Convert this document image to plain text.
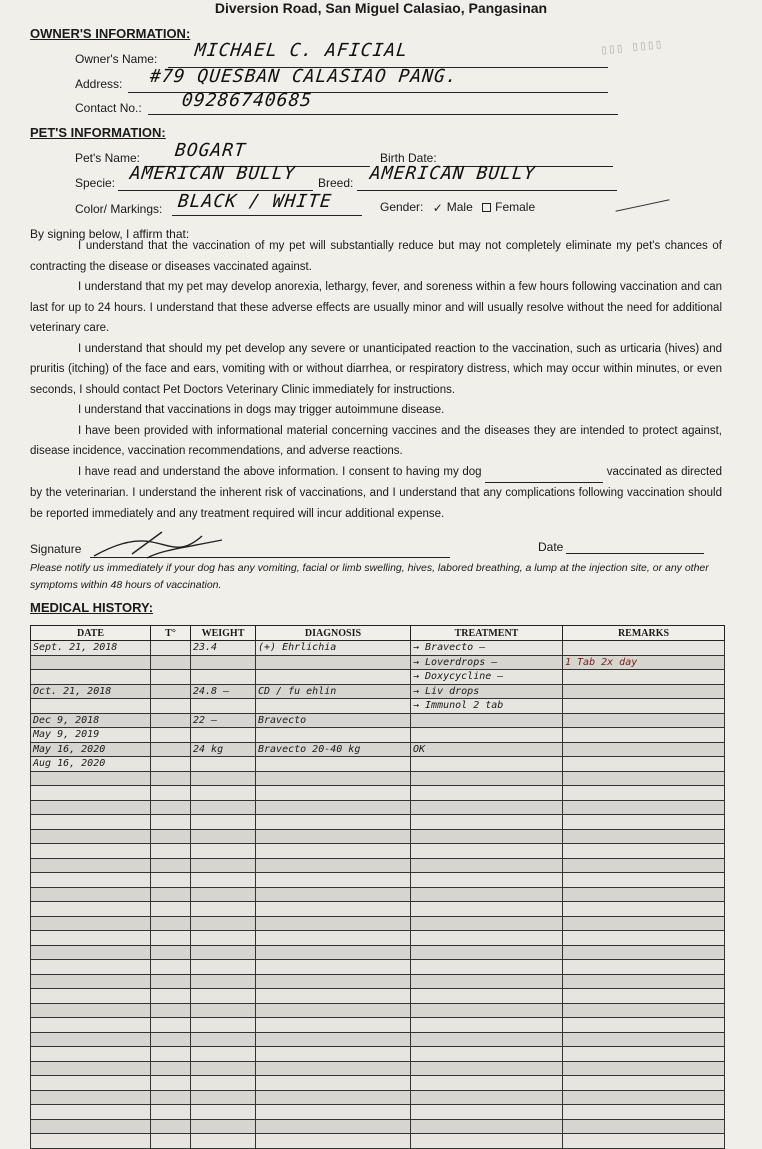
Diversion Road, San Miguel Calasiao, Pangasinan
▯▯▯ ▯▯▯▯
OWNER'S INFORMATION:
Owner's Name: MICHAEL C. AFICIAL
Address: #79 QUESBAN CALASIAO PANG.
Contact No.: 09286740685
PET'S INFORMATION:
Pet's Name: BOGART	Birth Date:
Specie: AMERICAN BULLY Breed: AMERICAN BULLY
Color/ Markings: BLACK / WHITE	Gender: ✓ Male Female
By signing below, I affirm that:

I understand that the vaccination of my pet will substantially reduce but may not completely eliminate my pet's chances of contracting the disease or diseases vaccinated against.

I understand that my pet may develop anorexia, lethargy, fever, and soreness within a few hours following vaccination and can last for up to 24 hours. I understand that these adverse effects are usually minor and will usually resolve without the need for additional veterinary care.

I understand that should my pet develop any severe or unanticipated reaction to the vaccination, such as urticaria (hives) and pruritis (itching) of the face and ears, vomiting with or without diarrhea, or respiratory distress, which may occur within minutes, or even seconds, I should contact Pet Doctors Veterinary Clinic immediately for instructions.

I understand that vaccinations in dogs may trigger autoimmune disease.

I have been provided with informational material concerning vaccines and the diseases they are intended to protect against, disease incidence, vaccination recommendations, and adverse reactions.

I have read and understand the above information. I consent to having my dog	vaccinated as directed by the veterinarian. I understand the inherent risk of vaccinations, and I understand that any complications following vaccination should be reported immediately and any treatment required will incur additional expense.

Signature	Date
Please notify us immediately if your dog has any vomiting, facial or limb swelling, hives, labored breathing, a lump at the injection site, or any other symptoms within 48 hours of vaccination.
MEDICAL HISTORY:
DATE	T°	WEIGHT	DIAGNOSIS	TREATMENT	REMARKS
Sept. 21, 2018		23.4	(+) Ehrlichia	→ Bravecto —	
				→ Loverdrops —	1 Tab 2x day
				→ Doxycycline —	
Oct. 21, 2018		24.8 —	CD / fu ehlin	→ Liv drops	
				→ Immunol 2 tab	
Dec 9, 2018		22 —	Bravecto		
May 9, 2019					
May 16, 2020		24 kg	Bravecto 20-40 kg	OK	
Aug 16, 2020					
